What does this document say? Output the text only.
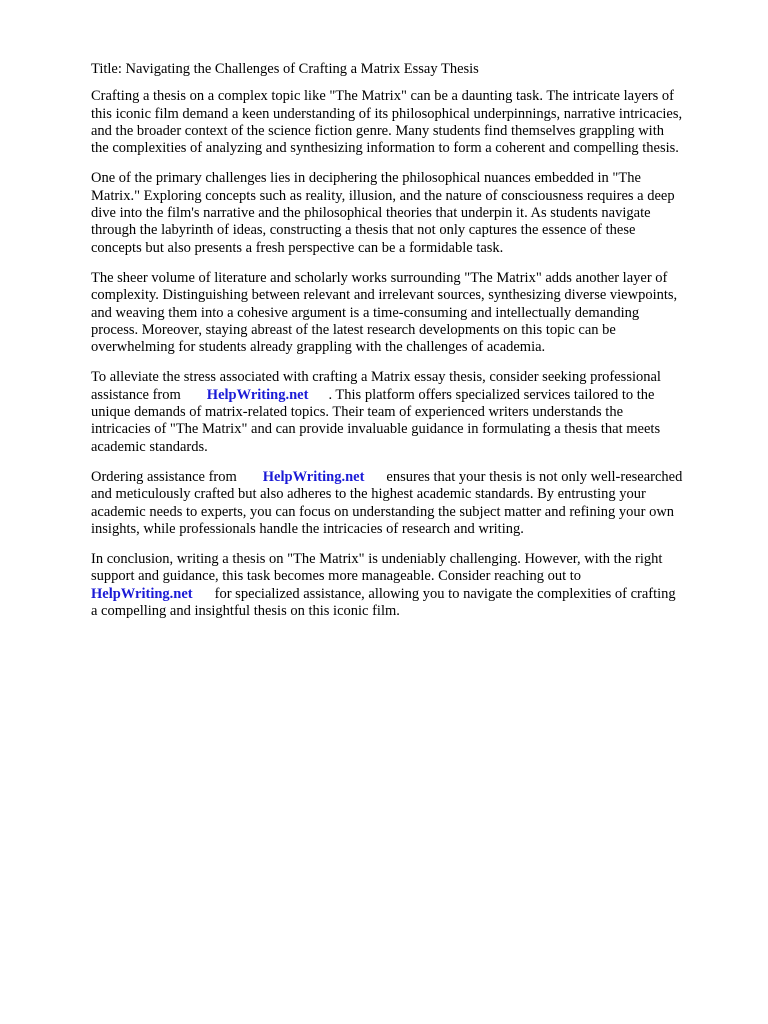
Title: Navigating the Challenges of Crafting a Matrix Essay Thesis

Crafting a thesis on a complex topic like "The Matrix" can be a daunting task. The intricate layers of
this iconic film demand a keen understanding of its philosophical underpinnings, narrative intricacies,
and the broader context of the science fiction genre. Many students find themselves grappling with
the complexities of analyzing and synthesizing information to form a coherent and compelling thesis.

One of the primary challenges lies in deciphering the philosophical nuances embedded in "The
Matrix." Exploring concepts such as reality, illusion, and the nature of consciousness requires a deep
dive into the film's narrative and the philosophical theories that underpin it. As students navigate
through the labyrinth of ideas, constructing a thesis that not only captures the essence of these
concepts but also presents a fresh perspective can be a formidable task.

The sheer volume of literature and scholarly works surrounding "The Matrix" adds another layer of
complexity. Distinguishing between relevant and irrelevant sources, synthesizing diverse viewpoints,
and weaving them into a cohesive argument is a time-consuming and intellectually demanding
process. Moreover, staying abreast of the latest research developments on this topic can be
overwhelming for students already grappling with the challenges of academia.

To alleviate the stress associated with crafting a Matrix essay thesis, consider seeking professional
assistance from HelpWriting.net . This platform offers specialized services tailored to the
unique demands of matrix-related topics. Their team of experienced writers understands the
intricacies of "The Matrix" and can provide invaluable guidance in formulating a thesis that meets
academic standards.

Ordering assistance from HelpWriting.net ensures that your thesis is not only well-researched
and meticulously crafted but also adheres to the highest academic standards. By entrusting your
academic needs to experts, you can focus on understanding the subject matter and refining your own
insights, while professionals handle the intricacies of research and writing.

In conclusion, writing a thesis on "The Matrix" is undeniably challenging. However, with the right
support and guidance, this task becomes more manageable. Consider reaching out to
HelpWriting.net for specialized assistance, allowing you to navigate the complexities of crafting
a compelling and insightful thesis on this iconic film.
